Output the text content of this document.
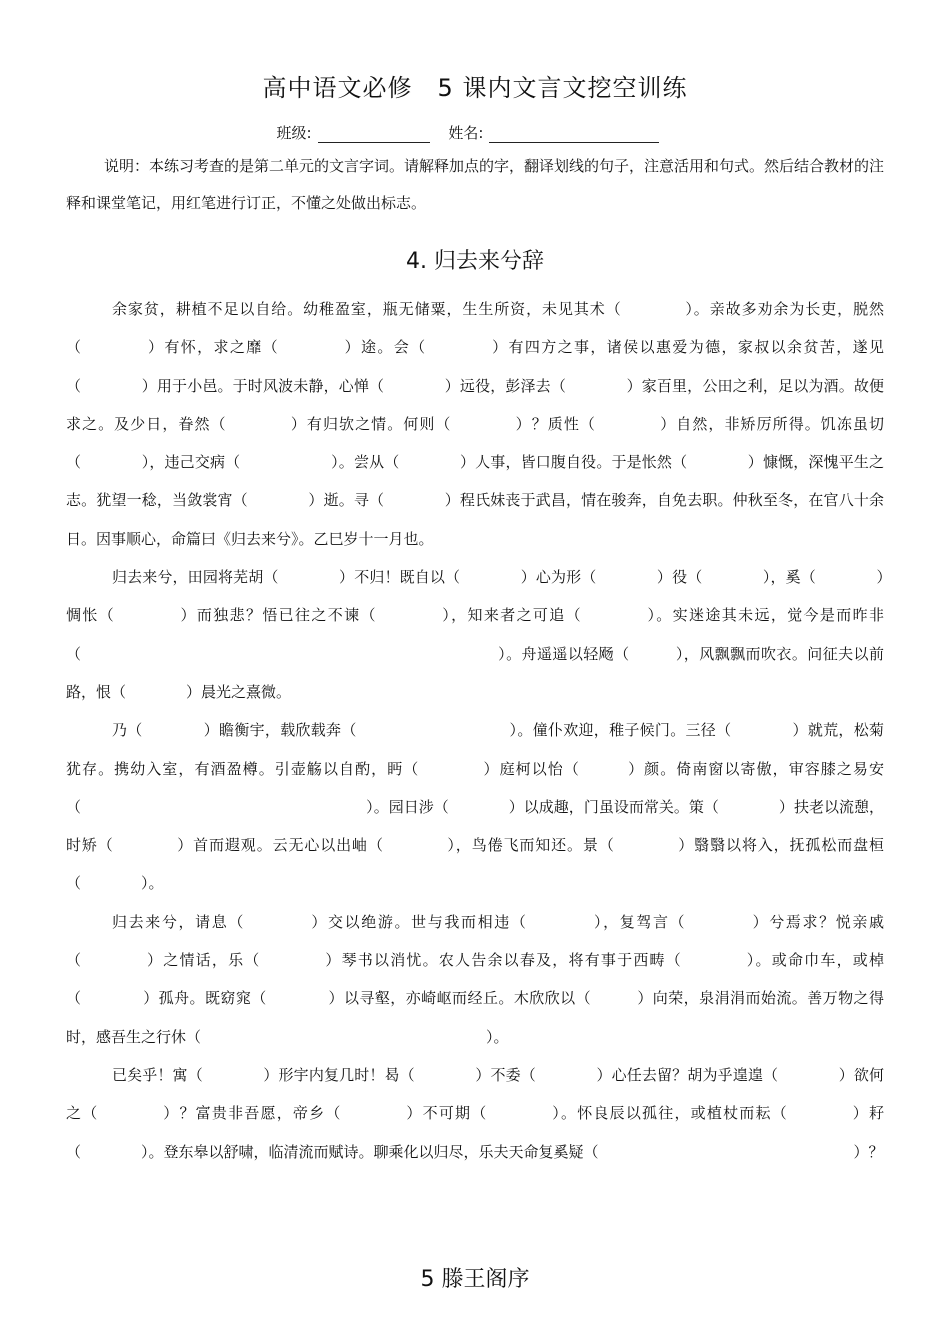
高中语文必修　5 课内文言文挖空训练
班级:	姓名:
说明：本练习考查的是第二单元的文言字词。请解释加点的字，翻译划线的句子，注意活用和句式。然后结合教材的注释和课堂笔记，用红笔进行订正，不懂之处做出标志。
4. 归去来兮辞

余家贫，耕植不足以自给。幼稚盈室，瓶无储粟，生生所资，未见其术（　　　　）。亲故多劝余为长吏，脱然（　　　　）有怀，求之靡（　　　　）途。会（　　　　）有四方之事，诸侯以惠爱为德，家叔以余贫苦，遂见（　　　　）用于小邑。于时风波未静，心惮（　　　　）远役，彭泽去（　　　　）家百里，公田之利，足以为酒。故便求之。及少日，眷然（　　　　）有归欤之情。何则（　　　　）？质性（　　　　）自然，非矫厉所得。饥冻虽切（　　　　），违己交病（　　　　　　）。尝从（　　　　）人事，皆口腹自役。于是怅然（　　　　）慷慨，深愧平生之志。犹望一稔，当敛裳宵（　　　　）逝。寻（　　　　）程氏妹丧于武昌，情在骏奔，自免去职。仲秋至冬，在官八十余日。因事顺心，命篇曰《归去来兮》。乙巳岁十一月也。

归去来兮，田园将芜胡（　　　　）不归！既自以（　　　　）心为形（　　　　）役（　　　　），奚（　　　　）惆怅（　　　　）而独悲？悟已往之不谏（　　　　），知来者之可追（　　　　）。实迷途其未远，觉今是而昨非（　　　　　　　　　　　　　　　　　　　　　　　　　　　）。舟遥遥以轻飏（　　　），风飘飘而吹衣。问征夫以前路，恨（　　　　）晨光之熹微。

乃（　　　　）瞻衡宇，载欣载奔（　　　　　　　　　　）。僮仆欢迎，稚子候门。三径（　　　　）就荒，松菊犹存。携幼入室，有酒盈樽。引壶觞以自酌，眄（　　　　）庭柯以怡（　　　）颜。倚南窗以寄傲，审容膝之易安（　　　　　　　　　　　　　　　　　　　）。园日涉（　　　　）以成趣，门虽设而常关。策（　　　　）扶老以流憩，时矫（　　　　）首而遐观。云无心以出岫（　　　　），鸟倦飞而知还。景（　　　　）翳翳以将入，抚孤松而盘桓（　　　　）。

归去来兮，请息（　　　　）交以绝游。世与我而相违（　　　　），复驾言（　　　　）兮焉求？悦亲戚（　　　　）之情话，乐（　　　　）琴书以消忧。农人告余以春及，将有事于西畴（　　　　）。或命巾车，或棹（　　　　）孤舟。既窈窕（　　　　）以寻壑，亦崎岖而经丘。木欣欣以（　　　）向荣，泉涓涓而始流。善万物之得时，感吾生之行休（　　　　　　　　　　　　　　　　　　　）。

已矣乎！寓（　　　　）形宇内复几时！曷（　　　　）不委（　　　　）心任去留？胡为乎遑遑（　　　　）欲何之（　　　　）？富贵非吾愿，帝乡（　　　　）不可期（　　　　）。怀良辰以孤往，或植杖而耘（　　　　）耔（　　　　）。登东皋以舒啸，临清流而赋诗。聊乘化以归尽，乐夫天命复奚疑（　　　　　　　　　　　　　　　　　）？

5 滕王阁序
